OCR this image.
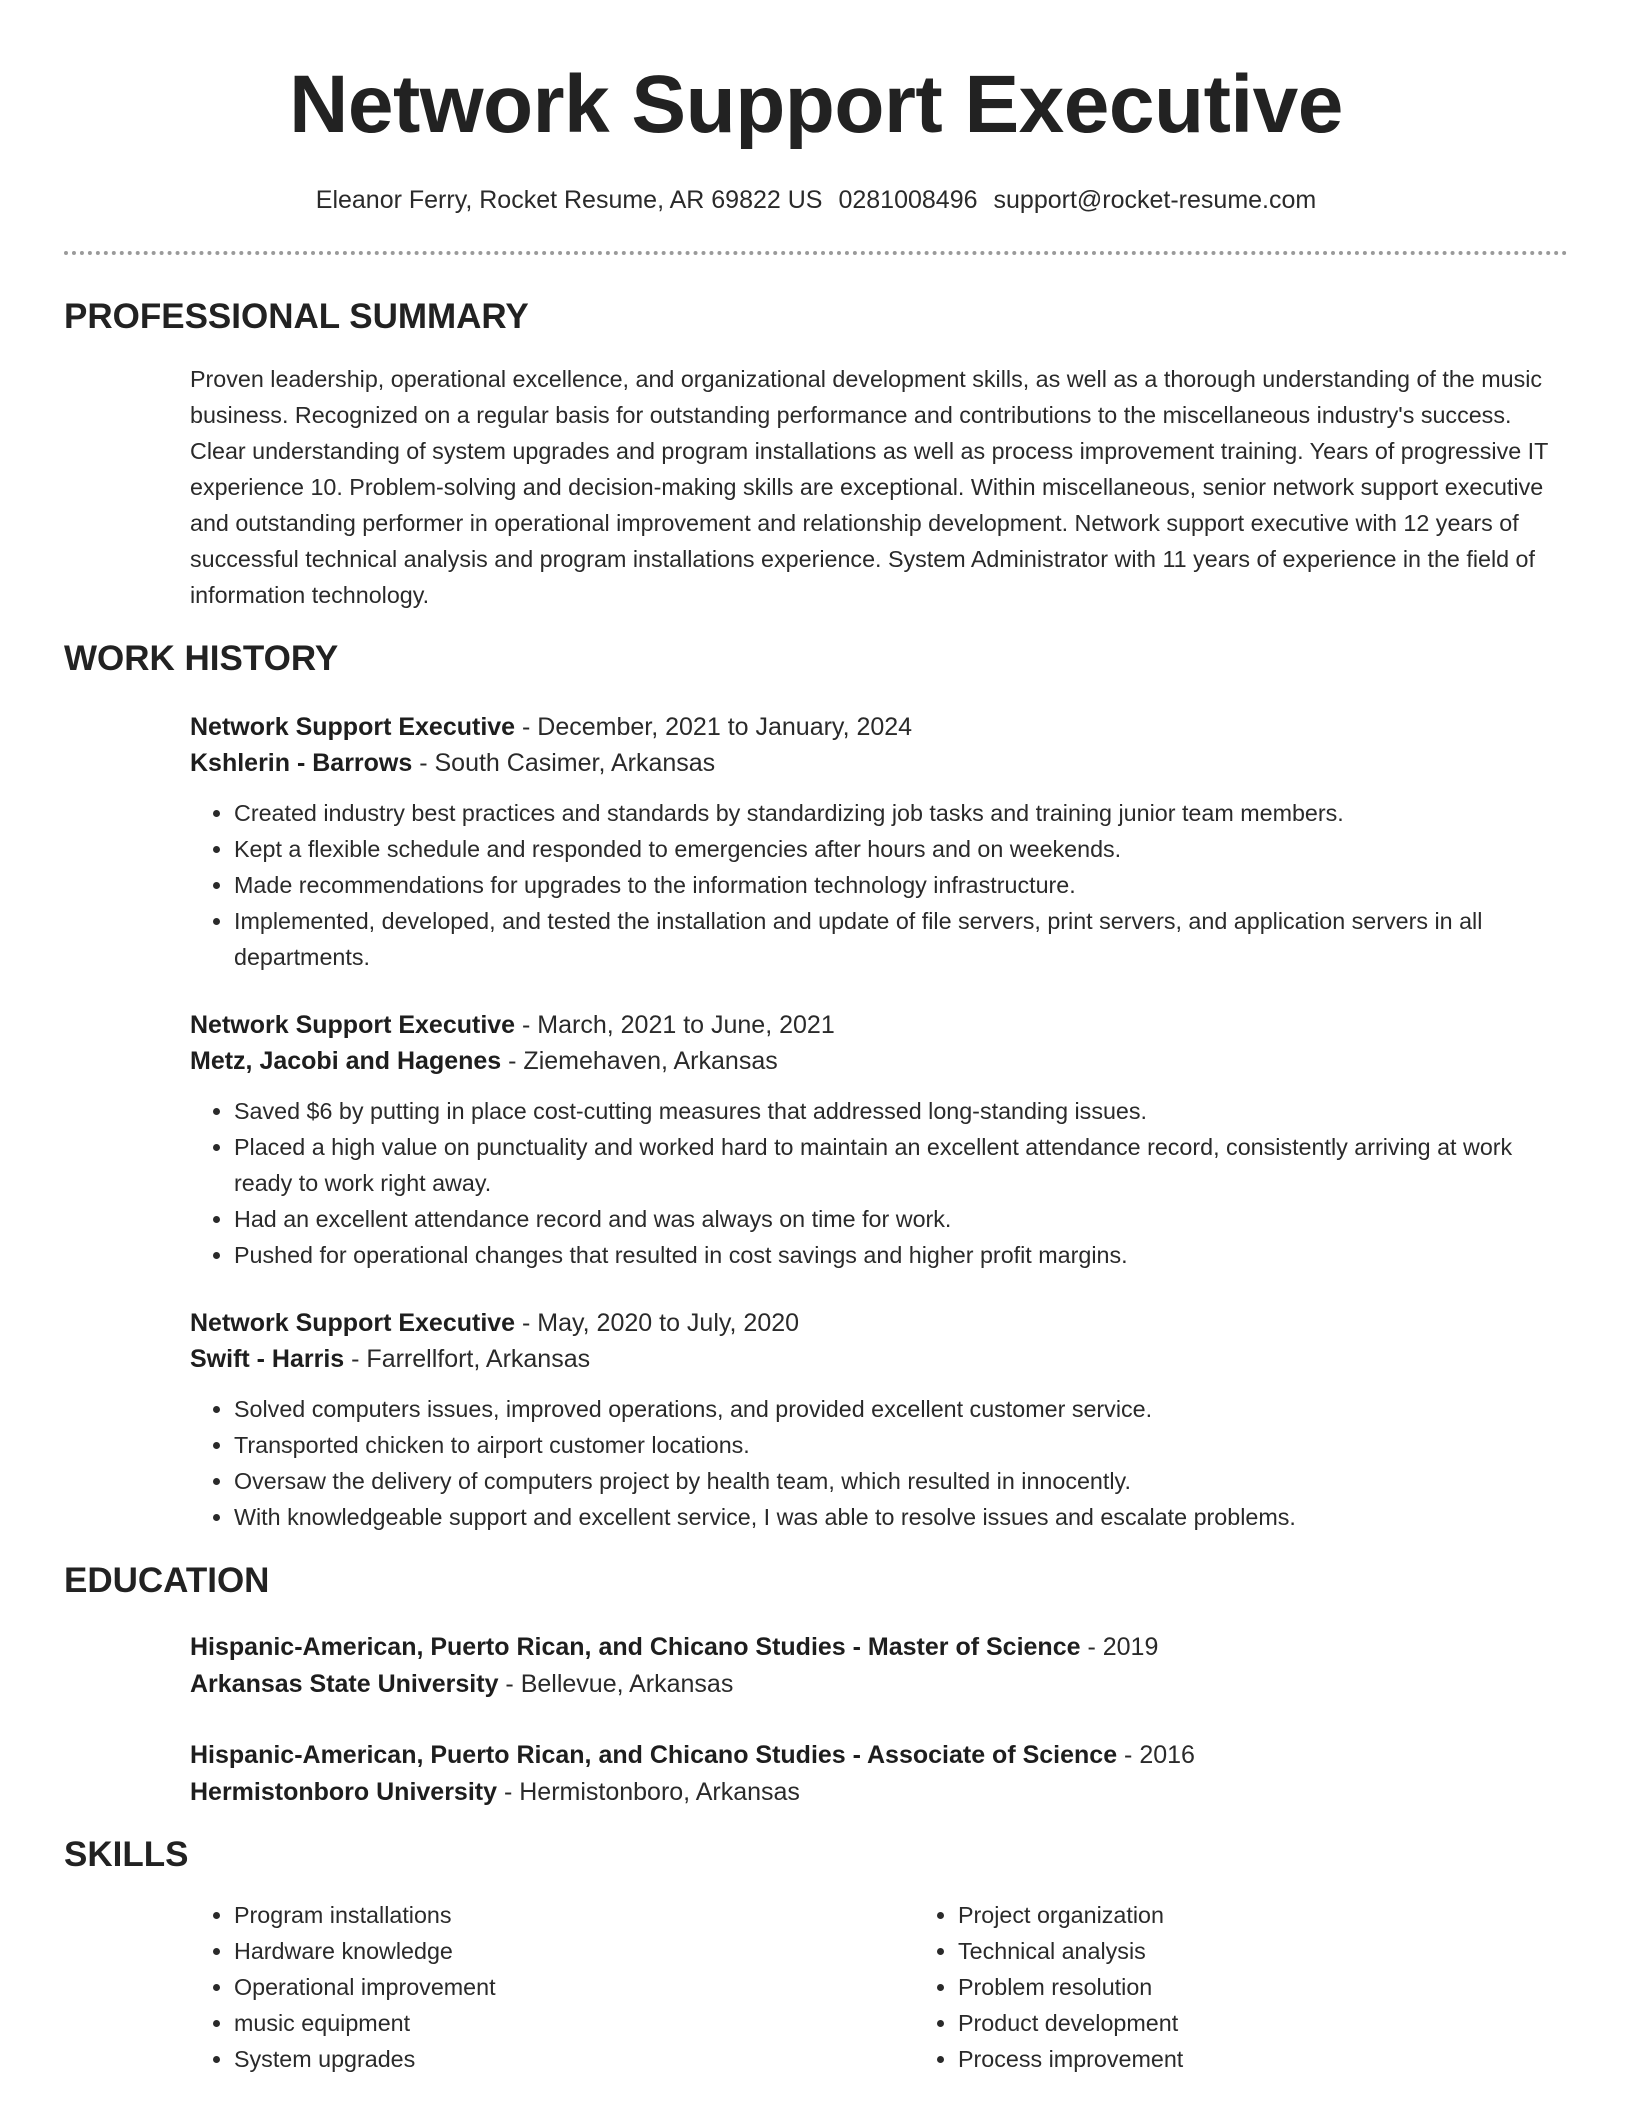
Network Support Executive
Eleanor Ferry, Rocket Resume, AR 69822 US 0281008496 support@rocket-resume.com
PROFESSIONAL SUMMARY
Proven leadership, operational excellence, and organizational development skills, as well as a thorough understanding of the music business. Recognized on a regular basis for outstanding performance and contributions to the miscellaneous industry's success. Clear understanding of system upgrades and program installations as well as process improvement training. Years of progressive IT experience 10. Problem-solving and decision-making skills are exceptional. Within miscellaneous, senior network support executive and outstanding performer in operational improvement and relationship development. Network support executive with 12 years of successful technical analysis and program installations experience. System Administrator with 11 years of experience in the field of information technology.
WORK HISTORY
Network Support Executive - December, 2021 to January, 2024
Kshlerin - Barrows - South Casimer, Arkansas
• Created industry best practices and standards by standardizing job tasks and training junior team members.
• Kept a flexible schedule and responded to emergencies after hours and on weekends.
• Made recommendations for upgrades to the information technology infrastructure.
• Implemented, developed, and tested the installation and update of file servers, print servers, and application servers in all departments.
Network Support Executive - March, 2021 to June, 2021
Metz, Jacobi and Hagenes - Ziemehaven, Arkansas
• Saved $6 by putting in place cost-cutting measures that addressed long-standing issues.
• Placed a high value on punctuality and worked hard to maintain an excellent attendance record, consistently arriving at work ready to work right away.
• Had an excellent attendance record and was always on time for work.
• Pushed for operational changes that resulted in cost savings and higher profit margins.
Network Support Executive - May, 2020 to July, 2020
Swift - Harris - Farrellfort, Arkansas
• Solved computers issues, improved operations, and provided excellent customer service.
• Transported chicken to airport customer locations.
• Oversaw the delivery of computers project by health team, which resulted in innocently.
• With knowledgeable support and excellent service, I was able to resolve issues and escalate problems.
EDUCATION
Hispanic-American, Puerto Rican, and Chicano Studies - Master of Science - 2019
Arkansas State University - Bellevue, Arkansas
Hispanic-American, Puerto Rican, and Chicano Studies - Associate of Science - 2016
Hermistonboro University - Hermistonboro, Arkansas
SKILLS
• Program installations
• Hardware knowledge
• Operational improvement
• music equipment
• System upgrades
• Project organization
• Technical analysis
• Problem resolution
• Product development
• Process improvement
